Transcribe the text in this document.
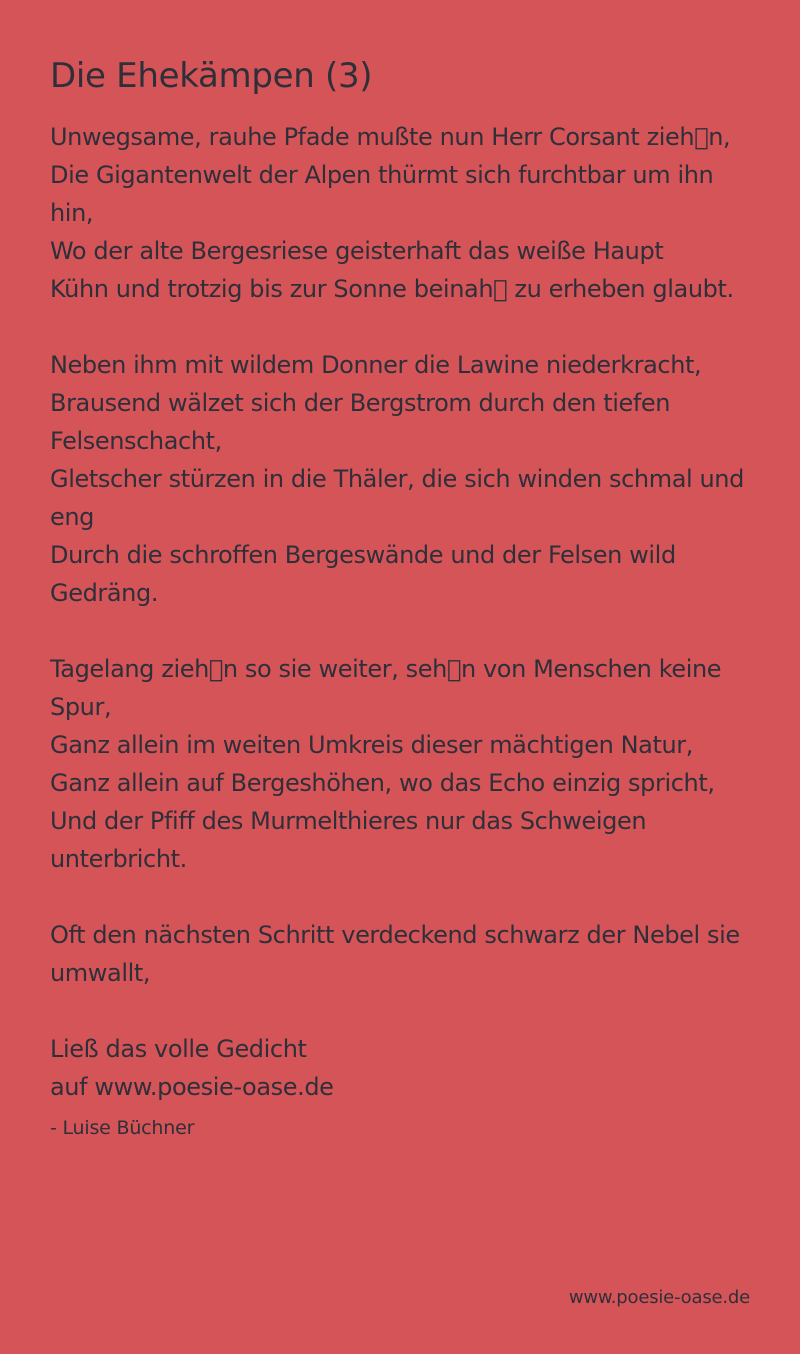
Die Ehekämpen (3)
Unwegsame, rauhe Pfade mußte nun Herr Corsant zieh n,
Die Gigantenwelt der Alpen thürmt sich furchtbar um ihn hin,
Wo der alte Bergesriese geisterhaft das weiße Haupt
Kühn und trotzig bis zur Sonne beinah  zu erheben glaubt.
Neben ihm mit wildem Donner die Lawine niederkracht,
Brausend wälzet sich der Bergstrom durch den tiefen Felsenschacht,
Gletscher stürzen in die Thäler, die sich winden schmal und eng
Durch die schroffen Bergeswände und der Felsen wild Gedräng.
Tagelang zieh n so sie weiter, seh n von Menschen keine Spur,
Ganz allein im weiten Umkreis dieser mächtigen Natur,
Ganz allein auf Bergeshöhen, wo das Echo einzig spricht,
Und der Pfiff des Murmelthieres nur das Schweigen unterbricht.
Oft den nächsten Schritt verdeckend schwarz der Nebel sie umwallt,
Ließ das volle Gedicht
auf www.poesie-oase.de
- Luise Büchner
www.poesie-oase.de
